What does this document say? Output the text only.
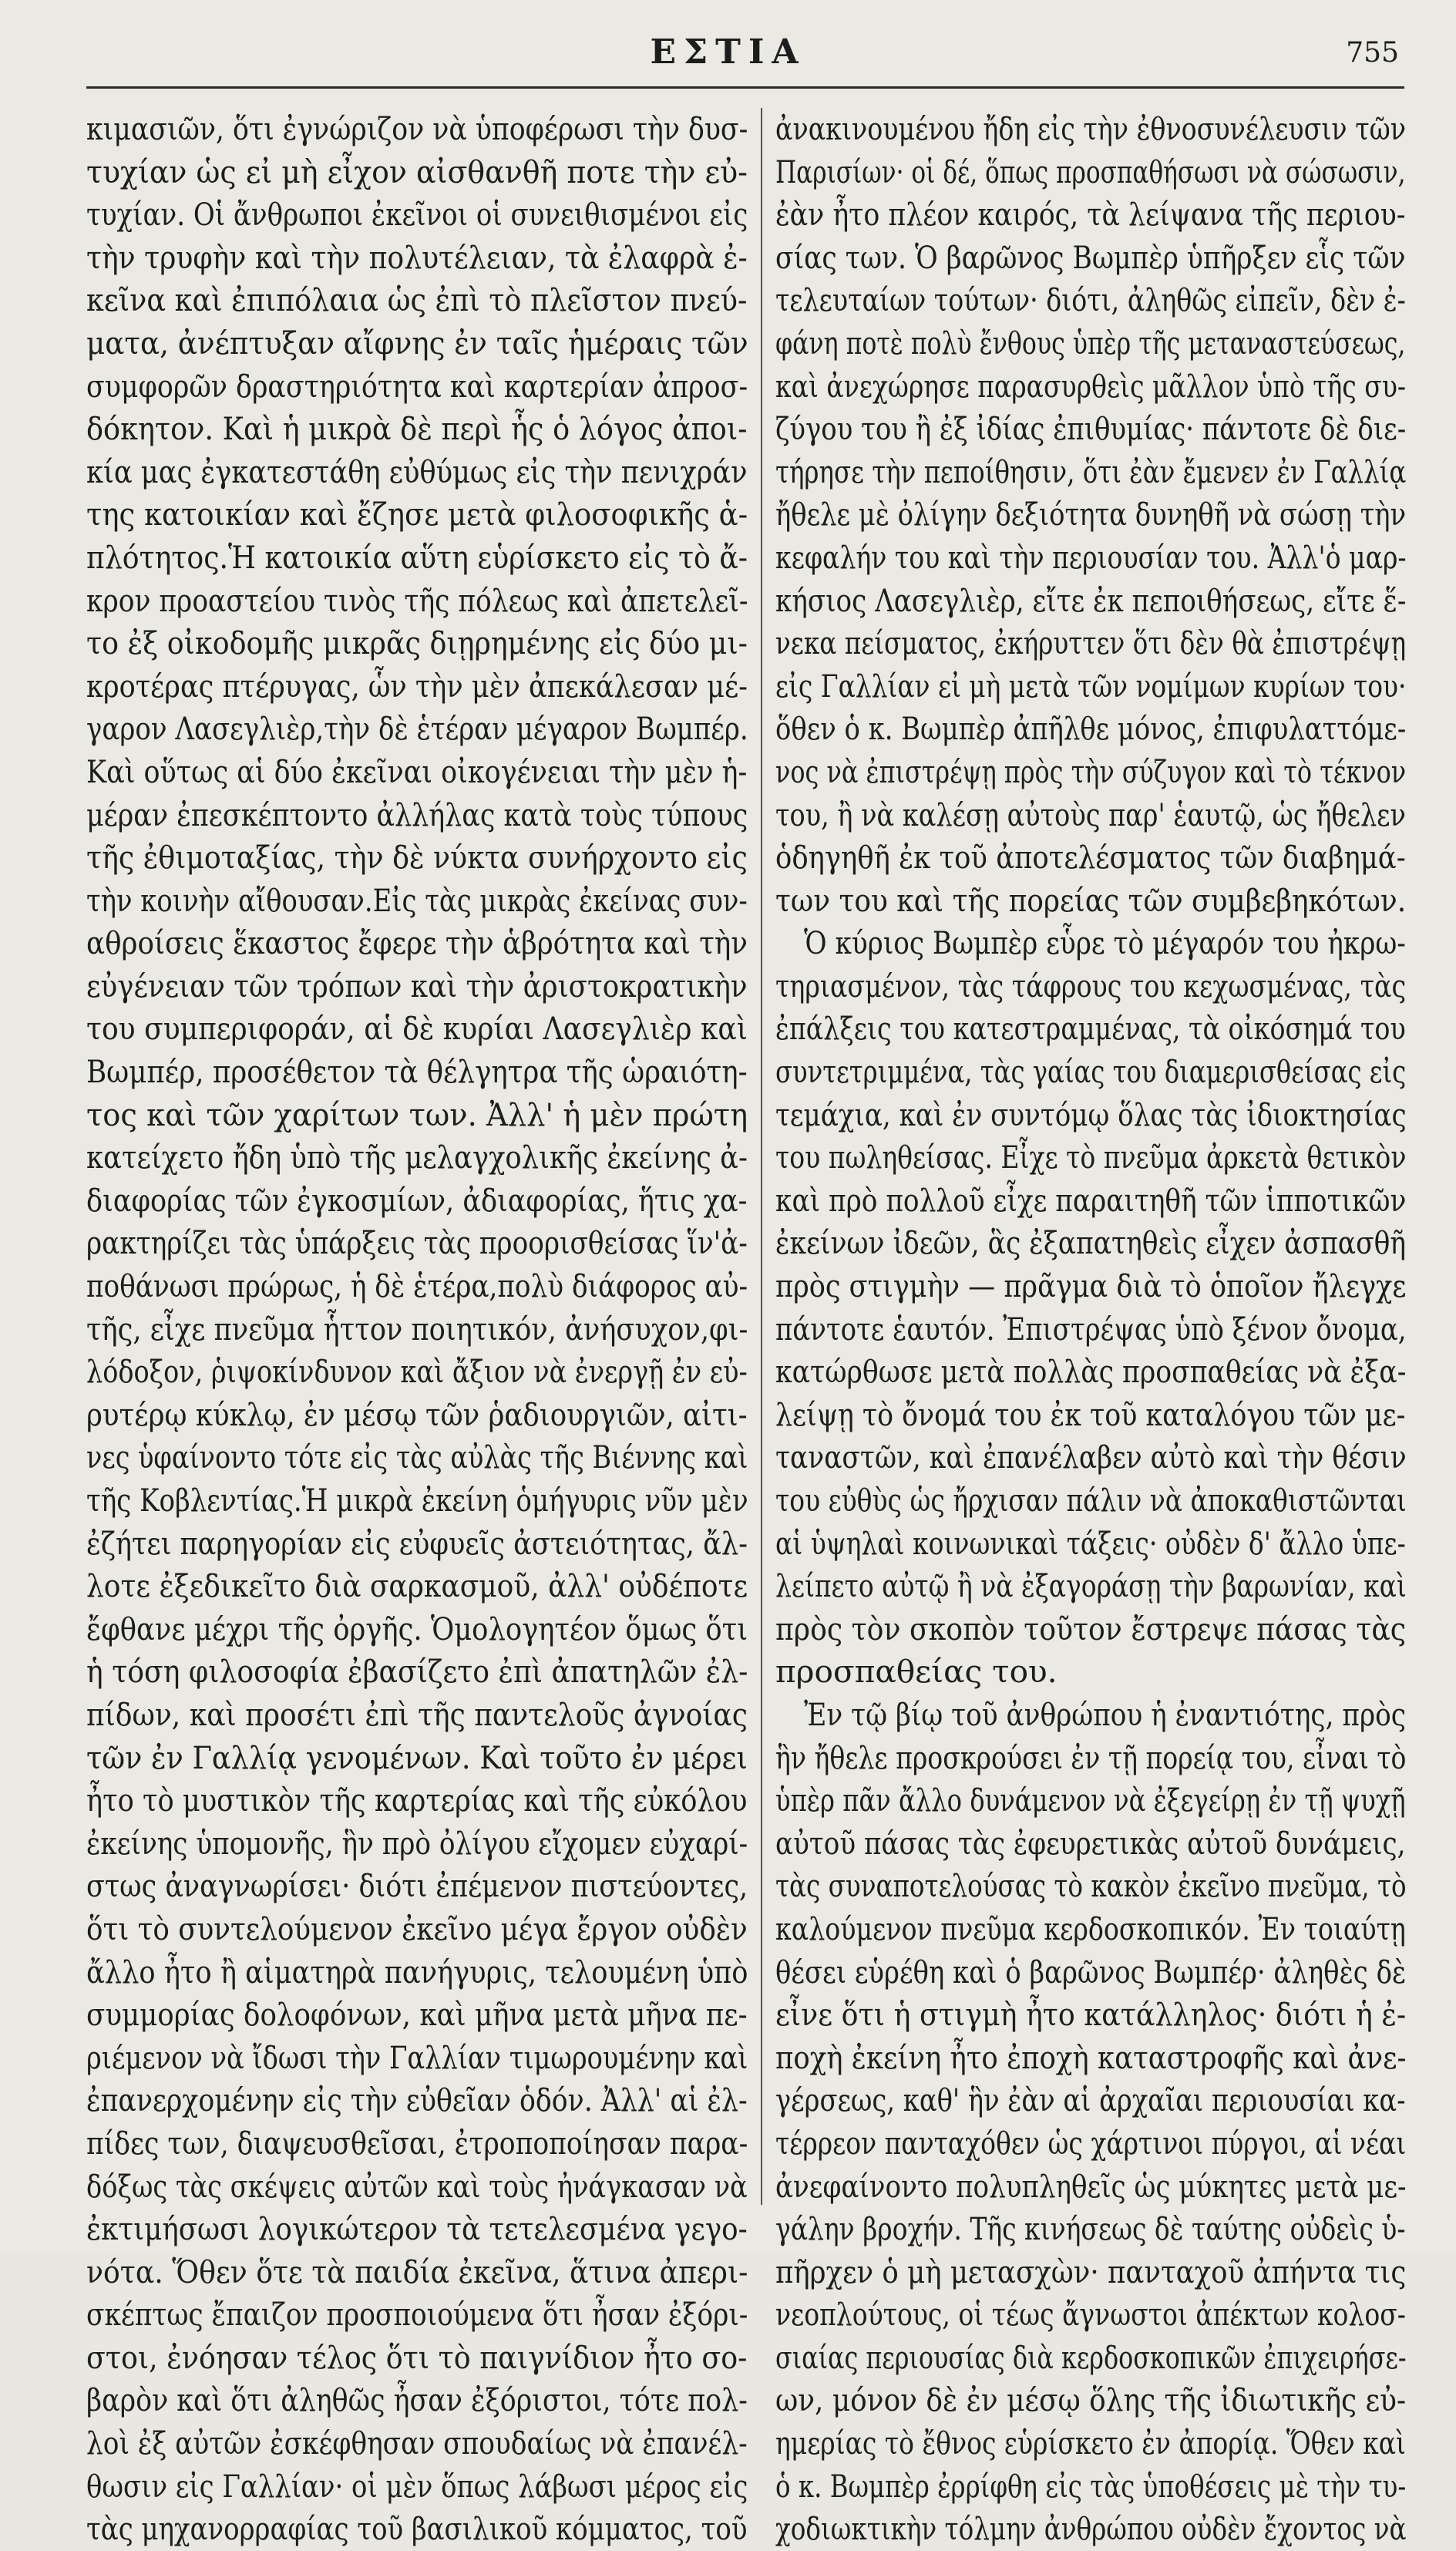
ΕΣΤΙΑ	755
κιμασιῶν, ὅτι ἐγνώριζον νὰ ὑποφέρωσι τὴν δυσ-
τυχίαν ὡς εἰ μὴ εἶχον αἰσθανθῆ ποτε τὴν εὐ-
τυχίαν. Οἱ ἄνθρωποι ἐκεῖνοι οἱ συνειθισμένοι εἰς
τὴν τρυφὴν καὶ τὴν πολυτέλειαν, τὰ ἐλαφρὰ ἐ-
κεῖνα καὶ ἐπιπόλαια ὡς ἐπὶ τὸ πλεῖστον πνεύ-
ματα, ἀνέπτυξαν αἴφνης ἐν ταῖς ἡμέραις τῶν
συμφορῶν δραστηριότητα καὶ καρτερίαν ἀπροσ-
δόκητον. Καὶ ἡ μικρὰ δὲ περὶ ἧς ὁ λόγος ἀποι-
κία μας ἐγκατεστάθη εὐθύμως εἰς τὴν πενιχράν
της κατοικίαν καὶ ἔζησε μετὰ φιλοσοφικῆς ἁ-
πλότητος.Ἡ κατοικία αὕτη εὑρίσκετο εἰς τὸ ἄ-
κρον προαστείου τινὸς τῆς πόλεως καὶ ἀπετελεῖ-
το ἐξ οἰκοδομῆς μικρᾶς διῃρημένης εἰς δύο μι-
κροτέρας πτέρυγας, ὧν τὴν μὲν ἀπεκάλεσαν μέ-
γαρον Λασεγλιὲρ,τὴν δὲ ἑτέραν μέγαρον Βωμπέρ.
Καὶ οὕτως αἱ δύο ἐκεῖναι οἰκογένειαι τὴν μὲν ἡ-
μέραν ἐπεσκέπτοντο ἀλλήλας κατὰ τοὺς τύπους
τῆς ἐθιμοταξίας, τὴν δὲ νύκτα συνήρχοντο εἰς
τὴν κοινὴν αἴθουσαν.Εἰς τὰς μικρὰς ἐκείνας συν-
αθροίσεις ἕκαστος ἔφερε τὴν ἁβρότητα καὶ τὴν
εὐγένειαν τῶν τρόπων καὶ τὴν ἀριστοκρατικὴν
του συμπεριφοράν, αἱ δὲ κυρίαι Λασεγλιὲρ καὶ
Βωμπέρ, προσέθετον τὰ θέλγητρα τῆς ὡραιότη-
τος καὶ τῶν χαρίτων των. Ἀλλ' ἡ μὲν πρώτη
κατείχετο ἤδη ὑπὸ τῆς μελαγχολικῆς ἐκείνης ἀ-
διαφορίας τῶν ἐγκοσμίων, ἀδιαφορίας, ἥτις χα-
ρακτηρίζει τὰς ὑπάρξεις τὰς προορισθείσας ἵν'ἀ-
ποθάνωσι πρώρως, ἡ δὲ ἑτέρα,πολὺ διάφορος αὐ-
τῆς, εἶχε πνεῦμα ἧττον ποιητικόν, ἀνήσυχον,φι-
λόδοξον, ῥιψοκίνδυνον καὶ ἄξιον νὰ ἐνεργῇ ἐν εὐ-
ρυτέρῳ κύκλῳ, ἐν μέσῳ τῶν ῥαδιουργιῶν, αἰτι-
νες ὑφαίνοντο τότε εἰς τὰς αὐλὰς τῆς Βιέννης καὶ
τῆς Κοβλεντίας.Ἡ μικρὰ ἐκείνη ὁμήγυρις νῦν μὲν
ἐζήτει παρηγορίαν εἰς εὐφυεῖς ἀστειότητας, ἄλ-
λοτε ἐξεδικεῖτο διὰ σαρκασμοῦ, ἀλλ' οὐδέποτε
ἔφθανε μέχρι τῆς ὀργῆς. Ὁμολογητέον ὅμως ὅτι
ἡ τόση φιλοσοφία ἐβασίζετο ἐπὶ ἀπατηλῶν ἐλ-
πίδων, καὶ προσέτι ἐπὶ τῆς παντελοῦς ἀγνοίας
τῶν ἐν Γαλλίᾳ γενομένων. Καὶ τοῦτο ἐν μέρει
ἦτο τὸ μυστικὸν τῆς καρτερίας καὶ τῆς εὐκόλου
ἐκείνης ὑπομονῆς, ἣν πρὸ ὀλίγου εἴχομεν εὐχαρί-
στως ἀναγνωρίσει· διότι ἐπέμενον πιστεύοντες,
ὅτι τὸ συντελούμενον ἐκεῖνο μέγα ἔργον οὐδὲν
ἄλλο ἦτο ἢ αἱματηρὰ πανήγυρις, τελουμένη ὑπὸ
συμμορίας δολοφόνων, καὶ μῆνα μετὰ μῆνα πε-
ριέμενον νὰ ἴδωσι τὴν Γαλλίαν τιμωρουμένην καὶ
ἐπανερχομένην εἰς τὴν εὐθεῖαν ὁδόν. Ἀλλ' αἱ ἐλ-
πίδες των, διαψευσθεῖσαι, ἐτροποποίησαν παρα-
δόξως τὰς σκέψεις αὐτῶν καὶ τοὺς ἠνάγκασαν νὰ
ἐκτιμήσωσι λογικώτερον τὰ τετελεσμένα γεγο-
νότα. Ὅθεν ὅτε τὰ παιδία ἐκεῖνα, ἅτινα ἀπερι-
σκέπτως ἔπαιζον προσποιούμενα ὅτι ἦσαν ἐξόρι-
στοι, ἐνόησαν τέλος ὅτι τὸ παιγνίδιον ἦτο σο-
βαρὸν καὶ ὅτι ἀληθῶς ἦσαν ἐξόριστοι, τότε πολ-
λοὶ ἐξ αὐτῶν ἐσκέφθησαν σπουδαίως νὰ ἐπανέλ-
θωσιν εἰς Γαλλίαν· οἱ μὲν ὅπως λάβωσι μέρος εἰς
τὰς μηχανορραφίας τοῦ βασιλικοῦ κόμματος, τοῦ
ἀνακινουμένου ἤδη εἰς τὴν ἐθνοσυνέλευσιν τῶν
Παρισίων· οἱ δέ, ὅπως προσπαθήσωσι νὰ σώσωσιν,
ἐὰν ἦτο πλέον καιρός, τὰ λείψανα τῆς περιου-
σίας των. Ὁ βαρῶνος Βωμπὲρ ὑπῆρξεν εἷς τῶν
τελευταίων τούτων· διότι, ἀληθῶς εἰπεῖν, δὲν ἐ-
φάνη ποτὲ πολὺ ἔνθους ὑπὲρ τῆς μεταναστεύσεως,
καὶ ἀνεχώρησε παρασυρθεὶς μᾶλλον ὑπὸ τῆς συ-
ζύγου του ἢ ἐξ ἰδίας ἐπιθυμίας· πάντοτε δὲ διε-
τήρησε τὴν πεποίθησιν, ὅτι ἐὰν ἔμενεν ἐν Γαλλίᾳ
ἤθελε μὲ ὀλίγην δεξιότητα δυνηθῆ νὰ σώσῃ τὴν
κεφαλήν του καὶ τὴν περιουσίαν του. Ἀλλ'ὁ μαρ-
κήσιος Λασεγλιὲρ, εἴτε ἐκ πεποιθήσεως, εἴτε ἕ-
νεκα πείσματος, ἐκήρυττεν ὅτι δὲν θὰ ἐπιστρέψῃ
εἰς Γαλλίαν εἰ μὴ μετὰ τῶν νομίμων κυρίων του·
ὅθεν ὁ κ. Βωμπὲρ ἀπῆλθε μόνος, ἐπιφυλαττόμε-
νος νὰ ἐπιστρέψῃ πρὸς τὴν σύζυγον καὶ τὸ τέκνον
του, ἢ νὰ καλέσῃ αὐτοὺς παρ' ἑαυτῷ, ὡς ἤθελεν
ὁδηγηθῆ ἐκ τοῦ ἀποτελέσματος τῶν διαβημά-
των του καὶ τῆς πορείας τῶν συμβεβηκότων.
Ὁ κύριος Βωμπὲρ εὗρε τὸ μέγαρόν του ἠκρω-
τηριασμένον, τὰς τάφρους του κεχωσμένας, τὰς
ἐπάλξεις του κατεστραμμένας, τὰ οἰκόσημά του
συντετριμμένα, τὰς γαίας του διαμερισθείσας εἰς
τεμάχια, καὶ ἐν συντόμῳ ὅλας τὰς ἰδιοκτησίας
του πωληθείσας. Εἶχε τὸ πνεῦμα ἀρκετὰ θετικὸν
καὶ πρὸ πολλοῦ εἶχε παραιτηθῆ τῶν ἱπποτικῶν
ἐκείνων ἰδεῶν, ἃς ἐξαπατηθεὶς εἶχεν ἀσπασθῆ
πρὸς στιγμὴν — πρᾶγμα διὰ τὸ ὁποῖον ἤλεγχε
πάντοτε ἑαυτόν. Ἐπιστρέψας ὑπὸ ξένον ὄνομα,
κατώρθωσε μετὰ πολλὰς προσπαθείας νὰ ἐξα-
λείψῃ τὸ ὄνομά του ἐκ τοῦ καταλόγου τῶν με-
ταναστῶν, καὶ ἐπανέλαβεν αὐτὸ καὶ τὴν θέσιν
του εὐθὺς ὡς ἤρχισαν πάλιν νὰ ἀποκαθιστῶνται
αἱ ὑψηλαὶ κοινωνικαὶ τάξεις· οὐδὲν δ' ἄλλο ὑπε-
λείπετο αὐτῷ ἢ νὰ ἐξαγοράσῃ τὴν βαρωνίαν, καὶ
πρὸς τὸν σκοπὸν τοῦτον ἔστρεψε πάσας τὰς
προσπαθείας του.
Ἐν τῷ βίῳ τοῦ ἀνθρώπου ἡ ἐναντιότης, πρὸς
ἣν ἤθελε προσκρούσει ἐν τῇ πορείᾳ του, εἶναι τὸ
ὑπὲρ πᾶν ἄλλο δυνάμενον νὰ ἐξεγείρῃ ἐν τῇ ψυχῇ
αὐτοῦ πάσας τὰς ἐφευρετικὰς αὐτοῦ δυνάμεις,
τὰς συναποτελούσας τὸ κακὸν ἐκεῖνο πνεῦμα, τὸ
καλούμενον πνεῦμα κερδοσκοπικόν. Ἐν τοιαύτῃ
θέσει εὑρέθη καὶ ὁ βαρῶνος Βωμπέρ· ἀληθὲς δὲ
εἶνε ὅτι ἡ στιγμὴ ἦτο κατάλληλος· διότι ἡ ἐ-
ποχὴ ἐκείνη ἦτο ἐποχὴ καταστροφῆς καὶ ἀνε-
γέρσεως, καθ' ἣν ἐὰν αἱ ἀρχαῖαι περιουσίαι κα-
τέρρεον πανταχόθεν ὡς χάρτινοι πύργοι, αἱ νέαι
ἀνεφαίνοντο πολυπληθεῖς ὡς μύκητες μετὰ με-
γάλην βροχήν. Τῆς κινήσεως δὲ ταύτης οὐδεὶς ὑ-
πῆρχεν ὁ μὴ μετασχὼν· πανταχοῦ ἀπήντα τις
νεοπλούτους, οἱ τέως ἄγνωστοι ἀπέκτων κολοσ-
σιαίας περιουσίας διὰ κερδοσκοπικῶν ἐπιχειρήσε-
ων, μόνον δὲ ἐν μέσῳ ὅλης τῆς ἰδιωτικῆς εὐ-
ημερίας τὸ ἔθνος εὑρίσκετο ἐν ἀπορίᾳ. Ὅθεν καὶ
ὁ κ. Βωμπὲρ ἐρρίφθη εἰς τὰς ὑποθέσεις μὲ τὴν τυ-
χοδιωκτικὴν τόλμην ἀνθρώπου οὐδὲν ἔχοντος νὰ
